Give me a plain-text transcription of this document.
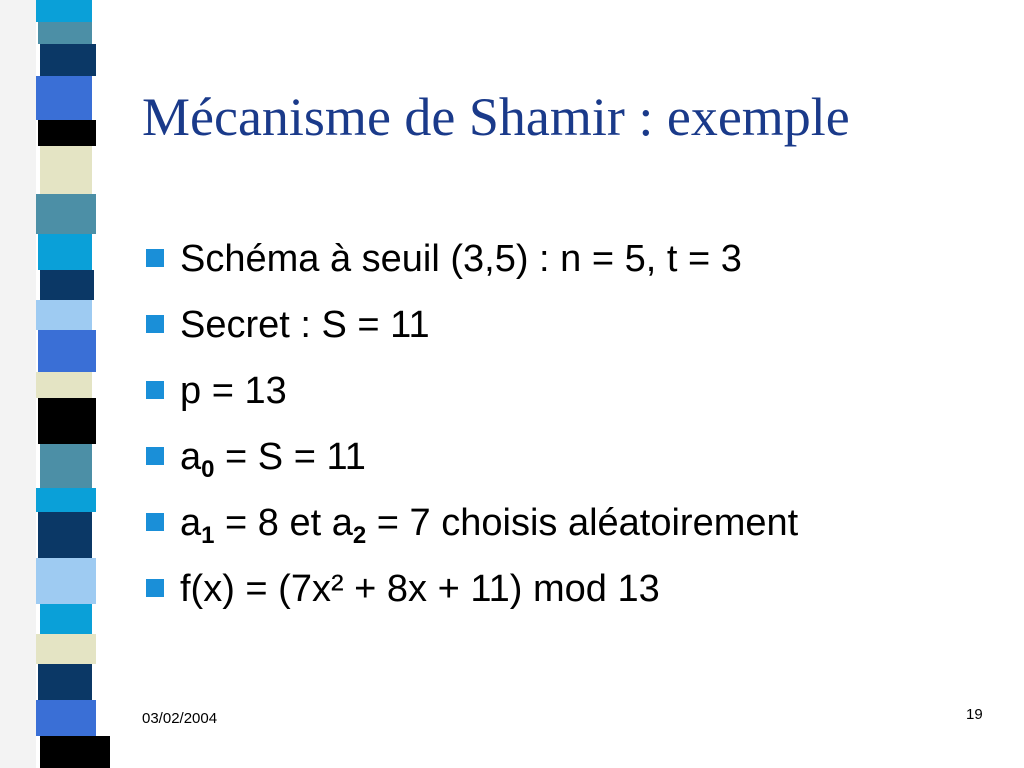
Mécanisme de Shamir : exemple
Schéma à seuil (3,5) : n = 5, t = 3
Secret : S = 11
p = 13
$a_0 = S = 11$
$a_1 = 8$ et $a_2 = 7$ choisis aléatoirement
f(x) = (7x² + 8x + 11) mod 13
03/02/2004	19
